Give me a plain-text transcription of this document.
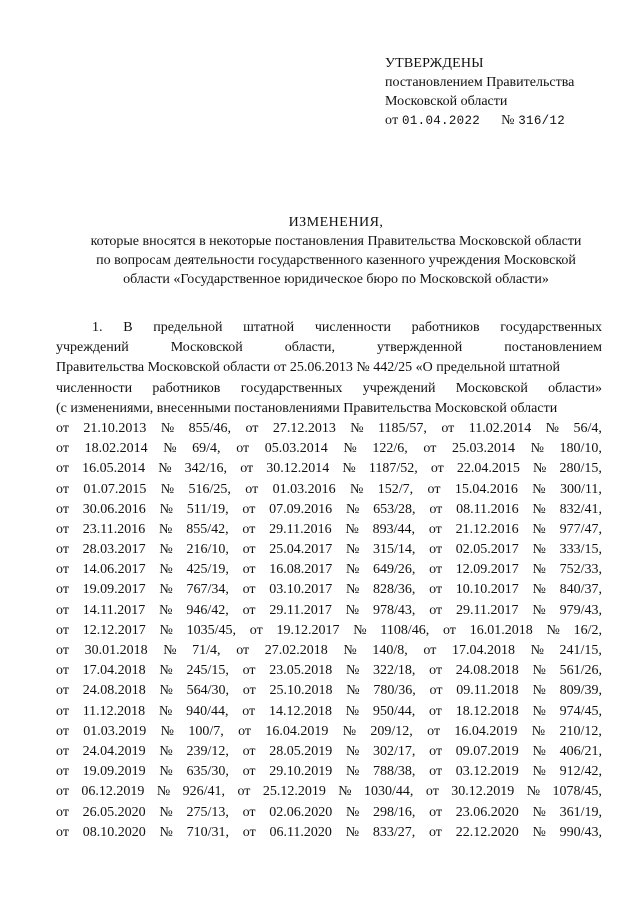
УТВЕРЖДЕНЫ
постановлением Правительства
Московской области
от 01.04.2022 № 316/12
ИЗМЕНЕНИЯ,
которые вносятся в некоторые постановления Правительства Московской области
по вопросам деятельности государственного казенного учреждения Московской
области «Государственное юридическое бюро по Московской области»
1. В предельной штатной численности работников государственных
учреждений	Московской	области,	утвержденной	постановлением
Правительства Московской области от 25.06.2013 № 442/25 «О предельной штатной
численности работников государственных учреждений Московской области»
(с изменениями, внесенными постановлениями Правительства Московской области
от 21.10.2013 № 855/46, от 27.12.2013 № 1185/57, от 11.02.2014 № 56/4,
от 18.02.2014 № 69/4, от 05.03.2014 № 122/6, от 25.03.2014 № 180/10,
от 16.05.2014 № 342/16, от 30.12.2014 № 1187/52, от 22.04.2015 № 280/15,
от 01.07.2015 № 516/25, от 01.03.2016 № 152/7, от 15.04.2016 № 300/11,
от 30.06.2016 № 511/19, от 07.09.2016 № 653/28, от 08.11.2016 № 832/41,
от 23.11.2016 № 855/42, от 29.11.2016 № 893/44, от 21.12.2016 № 977/47,
от 28.03.2017 № 216/10, от 25.04.2017 № 315/14, от 02.05.2017 № 333/15,
от 14.06.2017 № 425/19, от 16.08.2017 № 649/26, от 12.09.2017 № 752/33,
от 19.09.2017 № 767/34, от 03.10.2017 № 828/36, от 10.10.2017 № 840/37,
от 14.11.2017 № 946/42, от 29.11.2017 № 978/43, от 29.11.2017 № 979/43,
от 12.12.2017 № 1035/45, от 19.12.2017 № 1108/46, от 16.01.2018 № 16/2,
от 30.01.2018 № 71/4, от 27.02.2018 № 140/8, от 17.04.2018 № 241/15,
от 17.04.2018 № 245/15, от 23.05.2018 № 322/18, от 24.08.2018 № 561/26,
от 24.08.2018 № 564/30, от 25.10.2018 № 780/36, от 09.11.2018 № 809/39,
от 11.12.2018 № 940/44, от 14.12.2018 № 950/44, от 18.12.2018 № 974/45,
от 01.03.2019 № 100/7, от 16.04.2019 № 209/12, от 16.04.2019 № 210/12,
от 24.04.2019 № 239/12, от 28.05.2019 № 302/17, от 09.07.2019 № 406/21,
от 19.09.2019 № 635/30, от 29.10.2019 № 788/38, от 03.12.2019 № 912/42,
от 06.12.2019 № 926/41, от 25.12.2019 № 1030/44, от 30.12.2019 № 1078/45,
от 26.05.2020 № 275/13, от 02.06.2020 № 298/16, от 23.06.2020 № 361/19,
от 08.10.2020 № 710/31, от 06.11.2020 № 833/27, от 22.12.2020 № 990/43,
